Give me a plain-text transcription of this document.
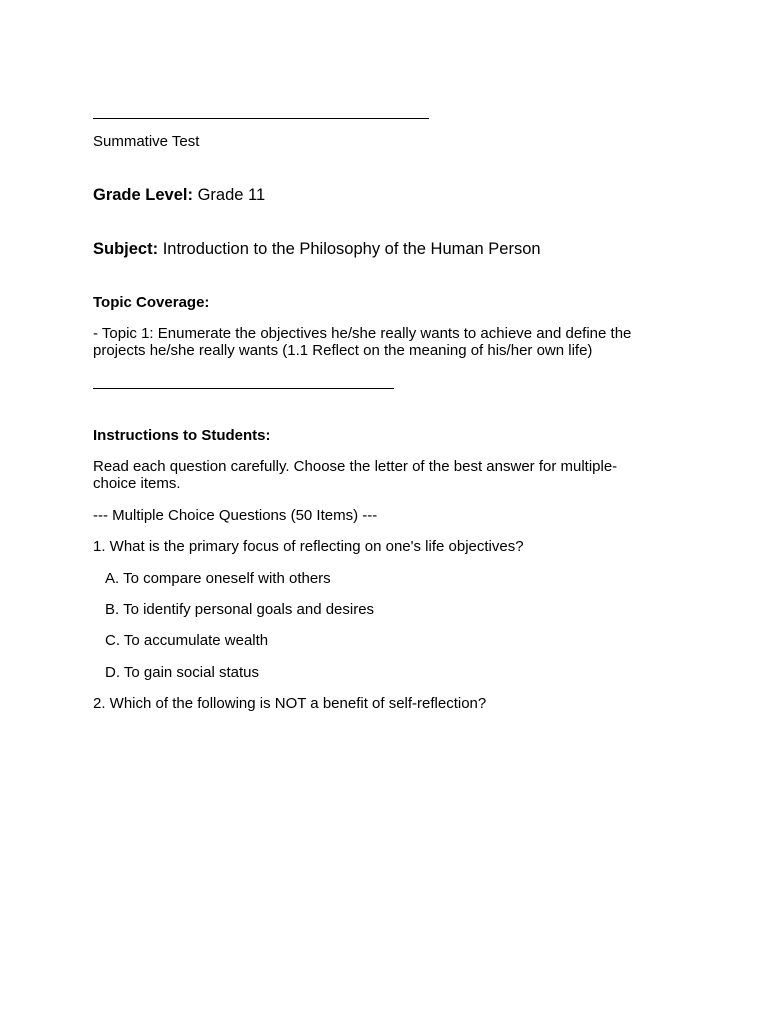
Summative Test
Grade Level: Grade 11
Subject: Introduction to the Philosophy of the Human Person
Topic Coverage:
- Topic 1: Enumerate the objectives he/she really wants to achieve and define the projects he/she really wants (1.1 Reflect on the meaning of his/her own life)
Instructions to Students:
Read each question carefully. Choose the letter of the best answer for multiple-choice items.
--- Multiple Choice Questions (50 Items) ---
1. What is the primary focus of reflecting on one's life objectives?
A. To compare oneself with others
B. To identify personal goals and desires
C. To accumulate wealth
D. To gain social status
2. Which of the following is NOT a benefit of self-reflection?
